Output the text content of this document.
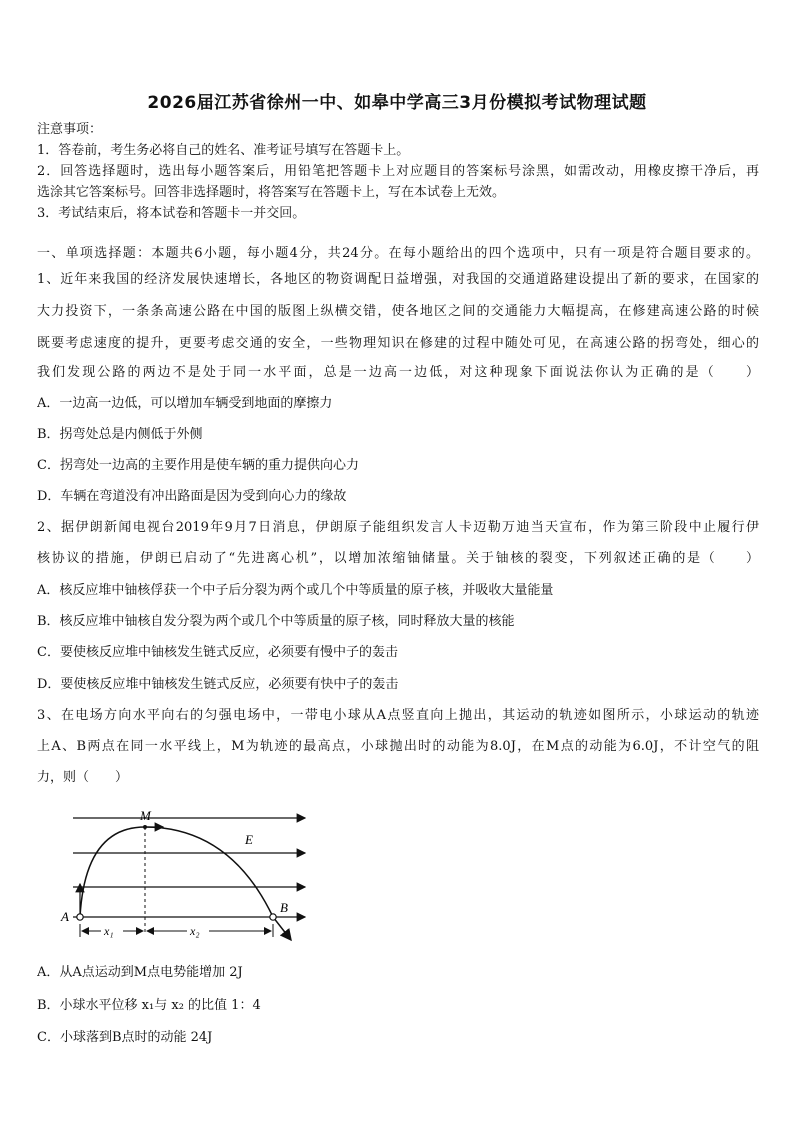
2026届江苏省徐州一中、如皋中学高三3月份模拟考试物理试题
注意事项：
1．答卷前，考生务必将自己的姓名、准考证号填写在答题卡上。
2．回答选择题时，选出每小题答案后，用铅笔把答题卡上对应题目的答案标号涂黑，如需改动，用橡皮擦干净后，再
选涂其它答案标号。回答非选择题时，将答案写在答题卡上，写在本试卷上无效。
3．考试结束后，将本试卷和答题卡一并交回。
一、单项选择题：本题共6小题，每小题4分，共24分。在每小题给出的四个选项中，只有一项是符合题目要求的。
1、近年来我国的经济发展快速增长，各地区的物资调配日益增强，对我国的交通道路建设提出了新的要求，在国家的
大力投资下，一条条高速公路在中国的版图上纵横交错，使各地区之间的交通能力大幅提高，在修建高速公路的时候
既要考虑速度的提升，更要考虑交通的安全，一些物理知识在修建的过程中随处可见，在高速公路的拐弯处，细心的
我们发现公路的两边不是处于同一水平面，总是一边高一边低，对这种现象下面说法你认为正确的是（　　）
A．一边高一边低，可以增加车辆受到地面的摩擦力
B．拐弯处总是内侧低于外侧
C．拐弯处一边高的主要作用是使车辆的重力提供向心力
D．车辆在弯道没有冲出路面是因为受到向心力的缘故
2、据伊朗新闻电视台2019年9月7日消息，伊朗原子能组织发言人卡迈勒万迪当天宣布，作为第三阶段中止履行伊
核协议的措施，伊朗已启动了“先进离心机”，以增加浓缩铀储量。关于铀核的裂变，下列叙述正确的是（　　）
A．核反应堆中铀核俘获一个中子后分裂为两个或几个中等质量的原子核，并吸收大量能量
B．核反应堆中铀核自发分裂为两个或几个中等质量的原子核，同时释放大量的核能
C．要使核反应堆中铀核发生链式反应，必须要有慢中子的轰击
D．要使核反应堆中铀核发生链式反应，必须要有快中子的轰击
3、在电场方向水平向右的匀强电场中，一带电小球从A点竖直向上抛出，其运动的轨迹如图所示，小球运动的轨迹
上A、B两点在同一水平线上，M为轨迹的最高点，小球抛出时的动能为8.0J，在M点的动能为6.0J，不计空气的阻
力，则（　　）
M
E
A
B
x₁	x₂
A．从A点运动到M点电势能增加 2J
B．小球水平位移 x₁与 x₂ 的比值 1：4
C．小球落到B点时的动能 24J
